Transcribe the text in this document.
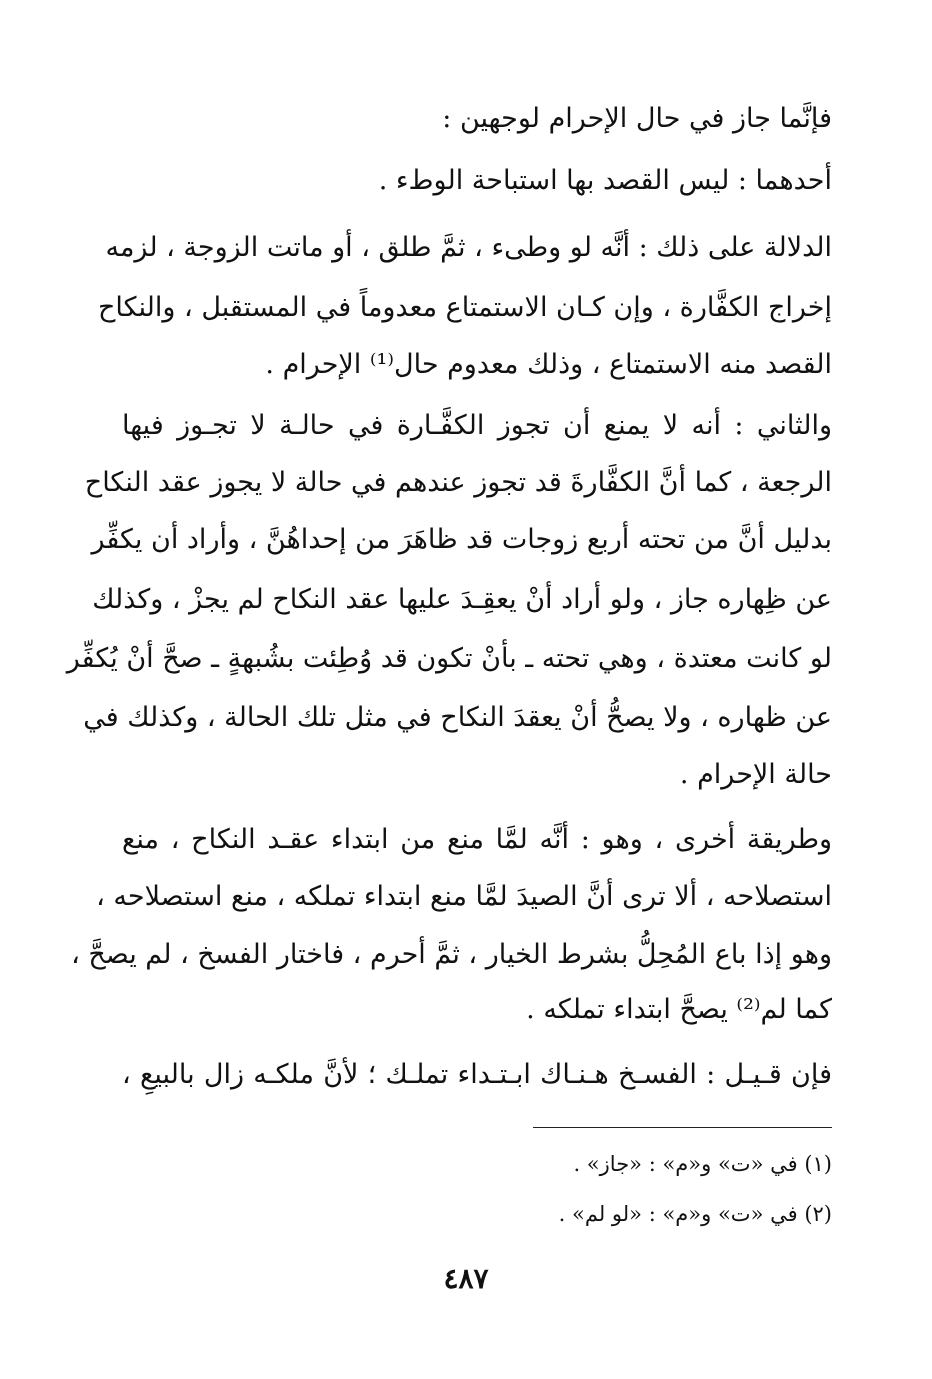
فإنَّما جاز في حال الإحرام لوجهين :
أحدهما : ليس القصد بها استباحة الوطء .
الدلالة على ذلك : أنَّه لو وطىء ، ثمَّ طلق ، أو ماتت الزوجة ، لزمه
إخراج الكفَّارة ، وإن كـان الاستمتاع معدوماً في المستقبل ، والنكاح
القصد منه الاستمتاع ، وذلك معدوم حال⁽¹⁾ الإحرام .
والثاني : أنه لا يمنع أن تجوز الكفَّـارة في حالـة لا تجـوز فيها
الرجعة ، كما أنَّ الكفَّارةَ قد تجوز عندهم في حالة لا يجوز عقد النكاح
بدليل أنَّ من تحته أربع زوجات قد ظاهَرَ من إحداهُنَّ ، وأراد أن يكفِّر
عن ظِهاره جاز ، ولو أراد أنْ يعقِـدَ عليها عقد النكاح لم يجزْ ، وكذلك
لو كانت معتدة ، وهي تحته ـ بأنْ تكون قد وُطِئت بشُبهةٍ ـ صحَّ أنْ يُكفِّر
عن ظهاره ، ولا يصحُّ أنْ يعقدَ النكاح في مثل تلك الحالة ، وكذلك في
حالة الإحرام .
وطريقة أخرى ، وهو : أنَّه لمَّا منع من ابتداء عقـد النكاح ، منع
استصلاحه ، ألا ترى أنَّ الصيدَ لمَّا منع ابتداء تملكه ، منع استصلاحه ،
وهو إذا باع المُحِلُّ بشرط الخيار ، ثمَّ أحرم ، فاختار الفسخ ، لم يصحَّ ،
كما لم⁽²⁾ يصحَّ ابتداء تملكه .
فإن قـيـل : الفسـخ هـنـاك ابـتـداء تملـك ؛ لأنَّ ملكـه زال بالبيعِ ،
(١) في «ت» و«م» : «جاز» .
(٢) في «ت» و«م» : «لو لم» .
٤٨٧
